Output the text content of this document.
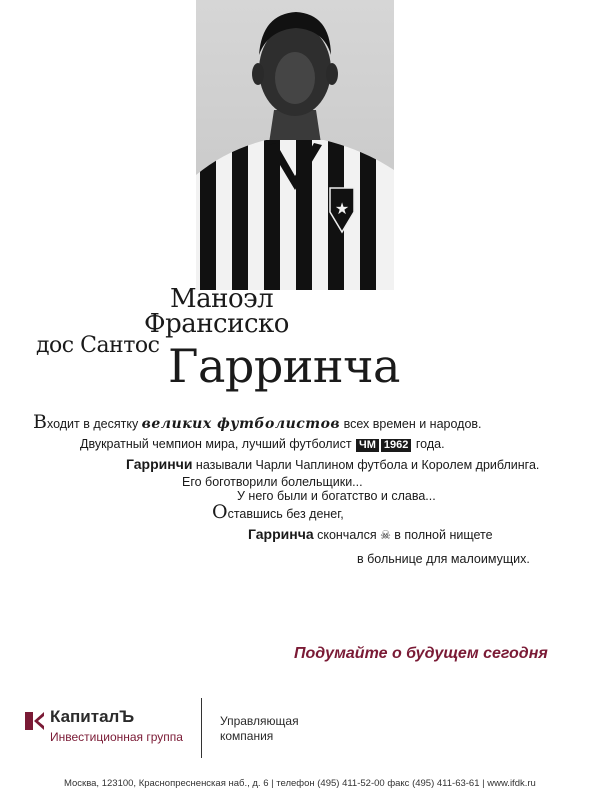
★
Маноэл
Франсиско
дос Сантос Гарринча
Входит в десятку великих футболистов всех времен и народов.
Двукратный чемпион мира, лучший футболист ЧМ 1962 года.
Гарринчи называли Чарли Чаплином футбола и Королем дриблинга.
Его боготворили болельщики...
У него были и богатство и слава...
Оставшись без денег,
Гарринча скончался ☠ в полной нищете
в больнице для малоимущих.
Подумайте о будущем сегодня
КапиталЪ
Инвестиционная группа
Управляющая
компания
Москва, 123100, Краснопресненская наб., д. 6 | телефон (495) 411-52-00 факс (495) 411-63-61 | www.ifdk.ru
